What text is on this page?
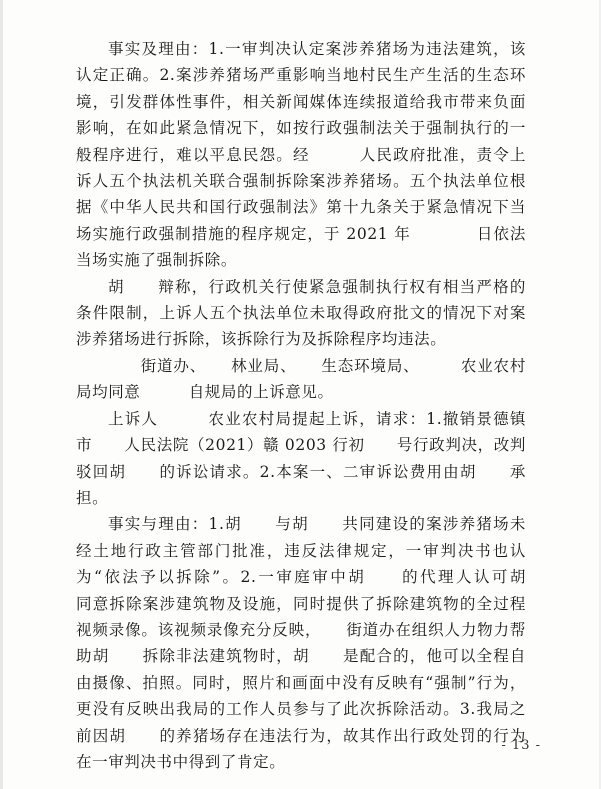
事实及理由：1.一审判决认定案涉养猪场为违法建筑，该认定正确。2.案涉养猪场严重影响当地村民生产生活的生态环境，引发群体性事件，相关新闻媒体连续报道给我市带来负面影响，在如此紧急情况下，如按行政强制法关于强制执行的一般程序进行，难以平息民怨。经　　　人民政府批准，责令上诉人五个执法机关联合强制拆除案涉养猪场。五个执法单位根据《中华人民共和国行政强制法》第十九条关于紧急情况下当场实施行政强制措施的程序规定，于 2021 年　　　　日依法当场实施了强制拆除。

胡　　辩称，行政机关行使紧急强制执行权有相当严格的条件限制，上诉人五个执法单位未取得政府批文的情况下对案涉养猪场进行拆除，该拆除行为及拆除程序均违法。

　　街道办、　　林业局、　　生态环境局、　　　农业农村局均同意　　　自规局的上诉意见。

上诉人　　　农业农村局提起上诉，请求：1.撤销景德镇市　　人民法院（2021）赣 0203 行初　　号行政判决，改判驳回胡　　的诉讼请求。2.本案一、二审诉讼费用由胡　　承担。

事实与理由：1.胡　　与胡　　共同建设的案涉养猪场未经土地行政主管部门批准，违反法律规定，一审判决书也认为“依法予以拆除”。2.一审庭审中胡　　的代理人认可胡　　同意拆除案涉建筑物及设施，同时提供了拆除建筑物的全过程视频录像。该视频录像充分反映，　　街道办在组织人力物力帮助胡　　拆除非法建筑物时，胡　　是配合的，他可以全程自由摄像、拍照。同时，照片和画面中没有反映有“强制”行为，更没有反映出我局的工作人员参与了此次拆除活动。3.我局之前因胡　　的养猪场存在违法行为，故其作出行政处罚的行为在一审判决书中得到了肯定。

- 13 -
